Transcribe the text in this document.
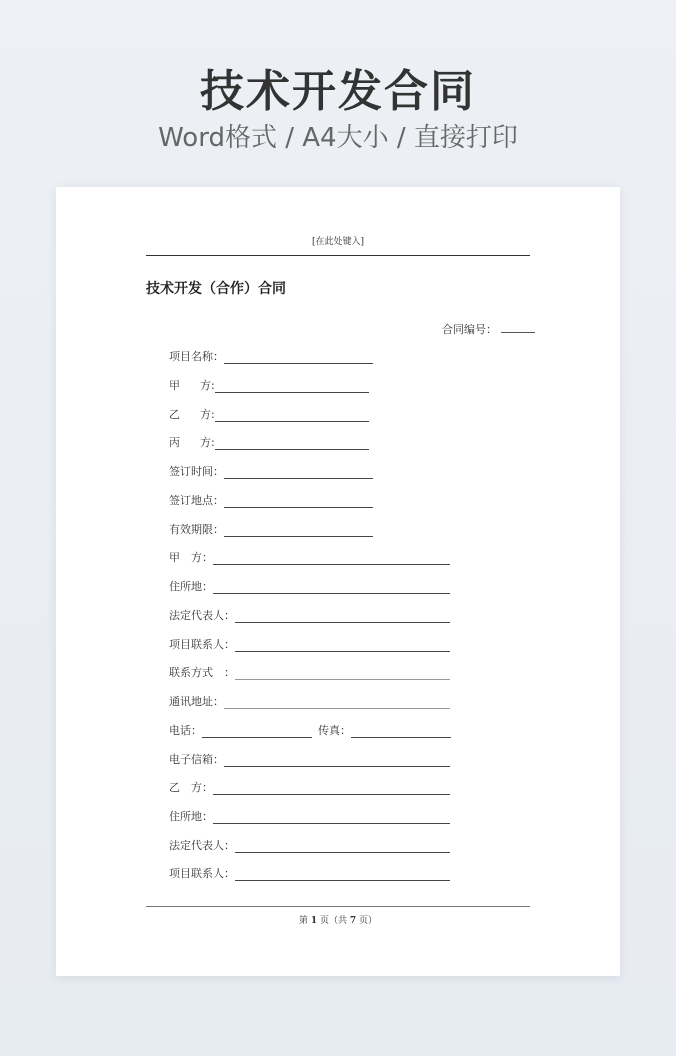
技术开发合同
Word格式 / A4大小 / 直接打印
[在此处键入]
技术开发（合作）合同
合同编号：
项目名称：
甲 方:
乙 方:
丙 方:
签订时间：
签订地点：
有效期限：
甲　方：
住所地：
法定代表人：
项目联系人：
联系方式　：
通讯地址：
电话：	传真：
电子信箱：
乙　方：
住所地：
法定代表人：
项目联系人：
第 1 页（共 7 页）
